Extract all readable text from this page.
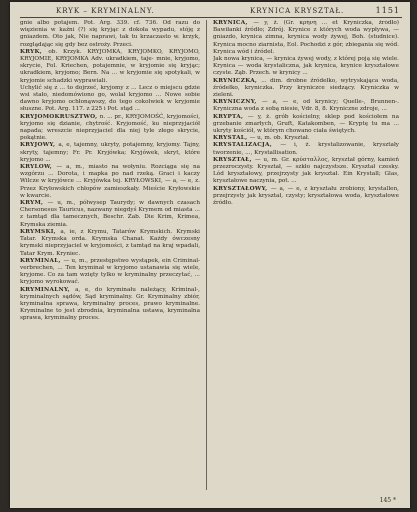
KRYK – KRYMINALNY.	KRYNICA KRYSZTAŁ.	1151

gnie albo potajem. Pot. Arg. 339. cf. 736. Od razu do więzienia w kaźni (?) się kryjąc z dokoła wypadu, stóję z gniazdem. Oto jak, Nie naprawi, tak tu krzaczasto w. krzyk, rozglądając się gdy bez ostroży. Przeci.

KRYK, ob. Krzyk. KRYJOMKA, KRYJOMKO, KRYJOMO, KRYJOMIE, KRYJOMKA Adv. ukradkiem, taje- mnie, kryjomo, skrycie, Fol. Kriechen, potajemnie, w kryjomie się kryjąc; ukradkiem, kryjomo; Bern. Na ... w kryjomie się spotykali, w kryjomie schadzki wyprawiali.

Uchylić się z ... to dojrzeć, kryjomy z ... Lecz o miejscu gdzie wsi stało, niedomówiono go, wolał kryjomo ... Nowe sobie dawno kryjomo ochłonąwszy, do tego cokolwiek w kryjomie słuszne. Pot. Arg. 117. z 225 i Pot. stąd ...

KRYJOMOKRUSZTWO, n. ... pr., KRYJOMOŚĆ, kryjomości, kryjomo się dzianie, chytrość. Kryjomość, ku nieprzyjaciół napada; wreszcie nieprzyjaciel dla niej tyle złego skrycie, pokątnie.

KRYJOWY, a, e, tajemny, ukryty, potajemny, kryjomy. Tajny, skryty, tajemny; Fr. Pr. Kryjówka; Kryjówek, skryt, które kryjomo ...

KRYLOW, — a, m., miasto na wołyniu. Rozciąga się na wzgórzu ... Dorota, i mapka po nad rzeką. Graci i kaczy Wilcze w kryjówce ... Kryjówka tej. KRYŁOWSKI, — a, — e, z. Przez Kryłowskich chłopów zamieszkały. Mieście Kryłowskie w kwarcie.

KRYM, — u, m., półwysep Taurydy; w dawnych czasach Chersonesus Tauricus, nazwany niegdyś Krymem od miasta ... z tamtąd dla tamecznych, Beschr. Zab. Die Krim, Krimea, Krymska ziemia.

KRYMSKI, a, ie, z Krymu, Tatarów Krymskich. Krymski Tatar. Krymska orda. Krymska Chanat. Każdy ówczesny krymski nieprzyjaciel w kryjomości, z tamtąd na kraj wpadali, Tatar Krym. Kryniec.

KRYMINAL, — u, m., przestępstwo wystąpek, ein Criminal- verbrechen, ... Ten kryminał w kryjomo ustanawia się wiele, kryjome. Co za tam wzięty tylko w kryminalny przeczytać, ... kryjomo wyrokować.

KRYMINALNY, a, e, do kryminału należący, Kriminal-, kryminalnych sądów, Sąd kryminalny. Gr. Kryminalny zbiór, kryminalna sprawa, kryminalny proces, prawo kryminalne. Kryminalne to jest zbrodnia, kryminalna ustawa, kryminalna sprawa, kryminalny proces.

KRYNICA, — y, ż. (Gr. κρήνη ... et Kryniczka, źródło) Bawiłanki źródło; Zdrój. Krynice z których woda wypływa, — gniazdo, krynica zimna, krynica wody żywej, Boh. (studnice). Krynica mocno ziarnista, Eol. Pochodzi z gór, zbiegania się wód. Krynica wód i źródeł.

Jak nowa krynica, — krynica żywej wody, z której poją się wiele. Krynica — woda krystaliczna, jak krynica, krynice kryształowe czyste. Ząb. Przech. w krynicy ...

KRYNICZKA, ... dim. drobne źródełko, wytryskająca woda, źródełko, kryniczka. Przy kryniczce siedzący. Kryniczka w zieleni.

KRYNICZNY, — a, — e, od krynicy; Quelle-, Brunnen-. Kryniczna woda z sobą niesie, Vdr. 8, 8. Kryniczne zdroje, ...

KRYPTA, — y, ż. grób kościelny, sklep pod kościołem na grzebanie zmarłych, Gruft, Katakomben, — Kryptę tu ma ... ukryty kościół, w którym chowano ciała świętych.

KRYSTAL, — u, m. ob. Kryształ.

KRYSTALIZACJA, — i, ż. krystalizowanie, kryształy tworzenie, ..., Krystallisation.

KRYSZTAŁ, — u, m. Gr. κρύσταλλος, kryształ górny, kamień przezroczysty. Kryształ, — szkło najczystsze. Kryształ czesky. Lód kryształowy, przejrzysty jak kryształ. Ein Krystall; Glas, kryształowe naczynia, pot. ...

KRYSZTAŁOWY, — a, — e, z kryształu zrobiony, krystallen, przejrzysty jak kryształ, czysty; kryształowa woda, kryształowe źródło.

145 *
